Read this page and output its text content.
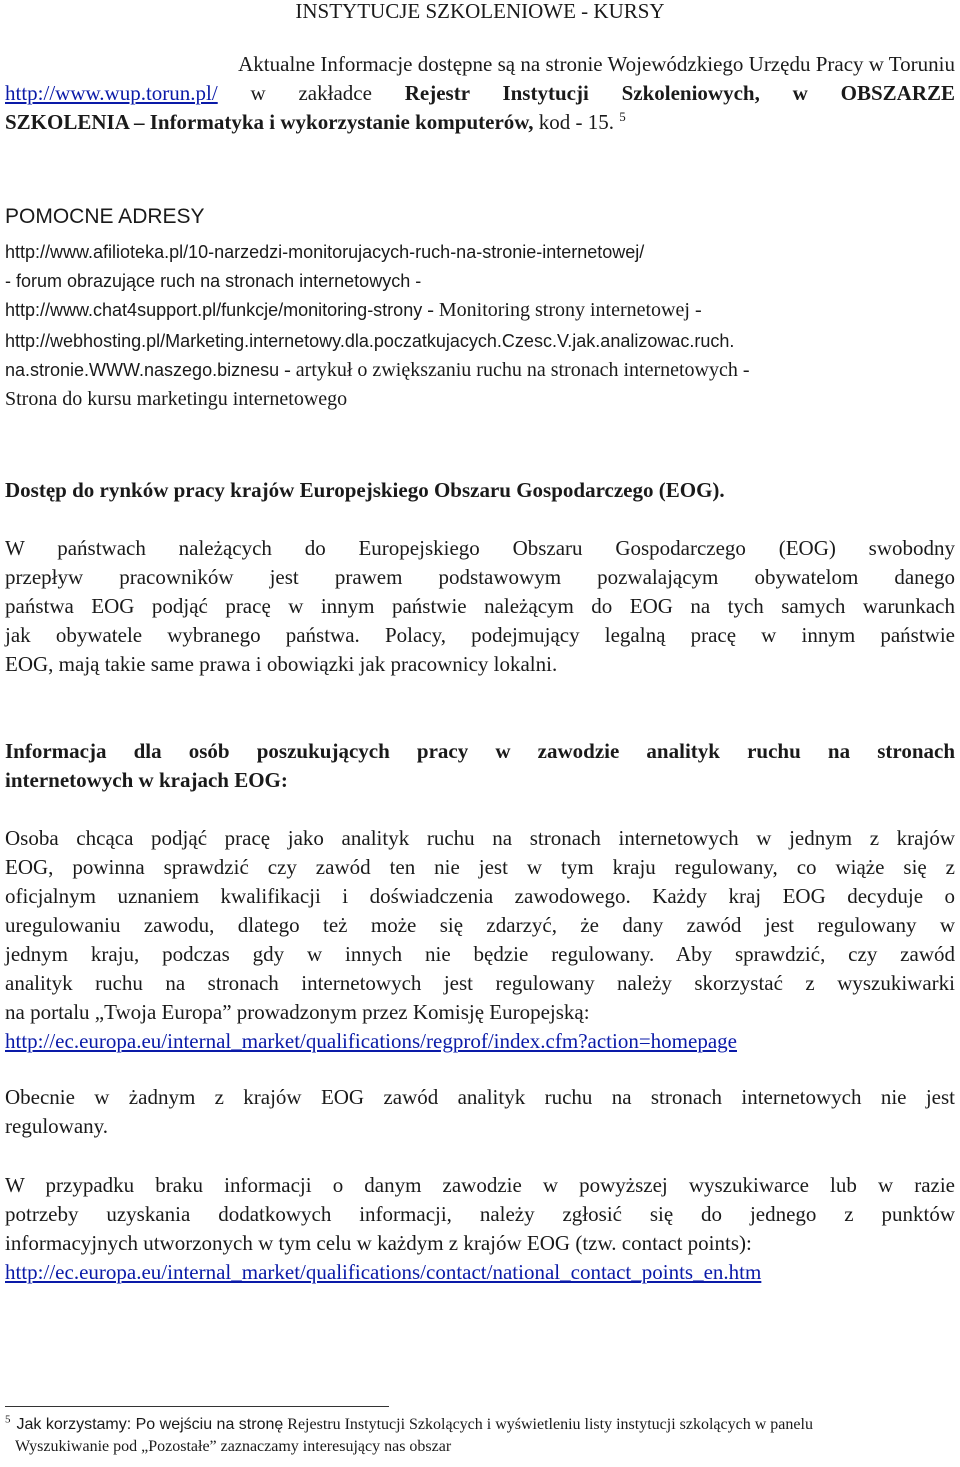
INSTYTUCJE SZKOLENIOWE - KURSY
Aktualne Informacje dostępne są na stronie Wojewódzkiego Urzędu Pracy w Toruniu
http://www.wup.torun.pl/ w zakładce Rejestr Instytucji Szkoleniowych, w OBSZARZE
SZKOLENIA – Informatyka i wykorzystanie komputerów, kod - 15. $^5$
POMOCNE ADRESY
http://www.afilioteka.pl/10-narzedzi-monitorujacych-ruch-na-stronie-internetowej/
- forum obrazujące ruch na stronach internetowych -
http://www.chat4support.pl/funkcje/monitoring-strony - Monitoring strony internetowej -
http://webhosting.pl/Marketing.internetowy.dla.poczatkujacych.Czesc.V.jak.analizowac.ruch.
na.stronie.WWW.naszego.biznesu - artykuł o zwiększaniu ruchu na stronach internetowych -
Strona do kursu marketingu internetowego
Dostęp do rynków pracy krajów Europejskiego Obszaru Gospodarczego (EOG).
W państwach należących do Europejskiego Obszaru Gospodarczego (EOG) swobodny
przepływ pracowników jest prawem podstawowym pozwalającym obywatelom danego
państwa EOG podjąć pracę w innym państwie należącym do EOG na tych samych warunkach
jak obywatele wybranego państwa. Polacy, podejmujący legalną pracę w innym państwie
EOG, mają takie same prawa i obowiązki jak pracownicy lokalni.
Informacja dla osób poszukujących pracy w zawodzie analityk ruchu na stronach
internetowych w krajach EOG:
Osoba chcąca podjąć pracę jako analityk ruchu na stronach internetowych w jednym z krajów
EOG, powinna sprawdzić czy zawód ten nie jest w tym kraju regulowany, co wiąże się z
oficjalnym uznaniem kwalifikacji i doświadczenia zawodowego. Każdy kraj EOG decyduje o
uregulowaniu zawodu, dlatego też może się zdarzyć, że dany zawód jest regulowany w
jednym kraju, podczas gdy w innych nie będzie regulowany. Aby sprawdzić, czy zawód
analityk ruchu na stronach internetowych jest regulowany należy skorzystać z wyszukiwarki
na portalu „Twoja Europa” prowadzonym przez Komisję Europejską:
http://ec.europa.eu/internal_market/qualifications/regprof/index.cfm?action=homepage
Obecnie w żadnym z krajów EOG zawód analityk ruchu na stronach internetowych nie jest
regulowany.
W przypadku braku informacji o danym zawodzie w powyższej wyszukiwarce lub w razie
potrzeby uzyskania dodatkowych informacji, należy zgłosić się do jednego z punktów
informacyjnych utworzonych w tym celu w każdym z krajów EOG (tzw. contact points):
http://ec.europa.eu/internal_market/qualifications/contact/national_contact_points_en.htm
$^5$ Jak korzystamy: Po wejściu na stronę Rejestru Instytucji Szkolących i wyświetleniu listy instytucji szkolących w panelu
Wyszukiwanie pod „Pozostałe” zaznaczamy interesujący nas obszar
